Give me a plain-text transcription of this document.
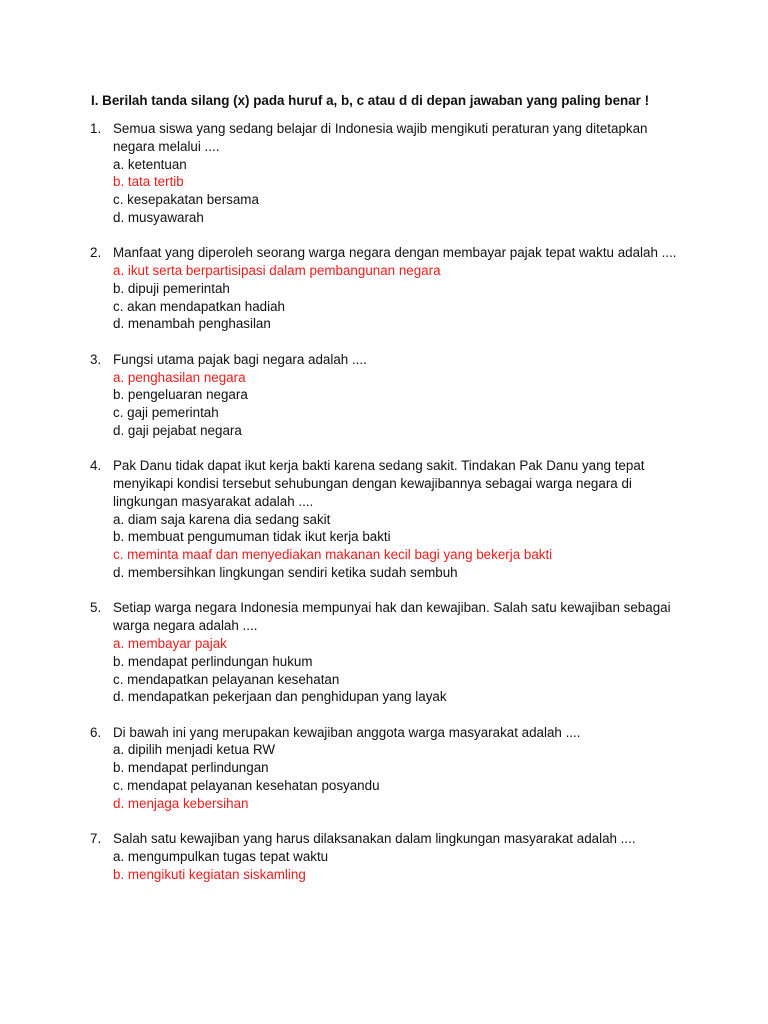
I. Berilah tanda silang (x) pada huruf a, b, c atau d di depan jawaban yang paling benar !
1. Semua siswa yang sedang belajar di Indonesia wajib mengikuti peraturan yang ditetapkan negara melalui ....
a. ketentuan
b. tata tertib
c. kesepakatan bersama
d. musyawarah
2. Manfaat yang diperoleh seorang warga negara dengan membayar pajak tepat waktu adalah ....
a. ikut serta berpartisipasi dalam pembangunan negara
b. dipuji pemerintah
c. akan mendapatkan hadiah
d. menambah penghasilan
3. Fungsi utama pajak bagi negara adalah ....
a. penghasilan negara
b. pengeluaran negara
c. gaji pemerintah
d. gaji pejabat negara
4. Pak Danu tidak dapat ikut kerja bakti karena sedang sakit. Tindakan Pak Danu yang tepat menyikapi kondisi tersebut sehubungan dengan kewajibannya sebagai warga negara di lingkungan masyarakat adalah ....
a. diam saja karena dia sedang sakit
b. membuat pengumuman tidak ikut kerja bakti
c. meminta maaf dan menyediakan makanan kecil bagi yang bekerja bakti
d. membersihkan lingkungan sendiri ketika sudah sembuh
5. Setiap warga negara Indonesia mempunyai hak dan kewajiban. Salah satu kewajiban sebagai warga negara adalah ....
a. membayar pajak
b. mendapat perlindungan hukum
c. mendapatkan pelayanan kesehatan
d. mendapatkan pekerjaan dan penghidupan yang layak
6. Di bawah ini yang merupakan kewajiban anggota warga masyarakat adalah ....
a. dipilih menjadi ketua RW
b. mendapat perlindungan
c. mendapat pelayanan kesehatan posyandu
d. menjaga kebersihan
7. Salah satu kewajiban yang harus dilaksanakan dalam lingkungan masyarakat adalah ....
a. mengumpulkan tugas tepat waktu
b. mengikuti kegiatan siskamling
